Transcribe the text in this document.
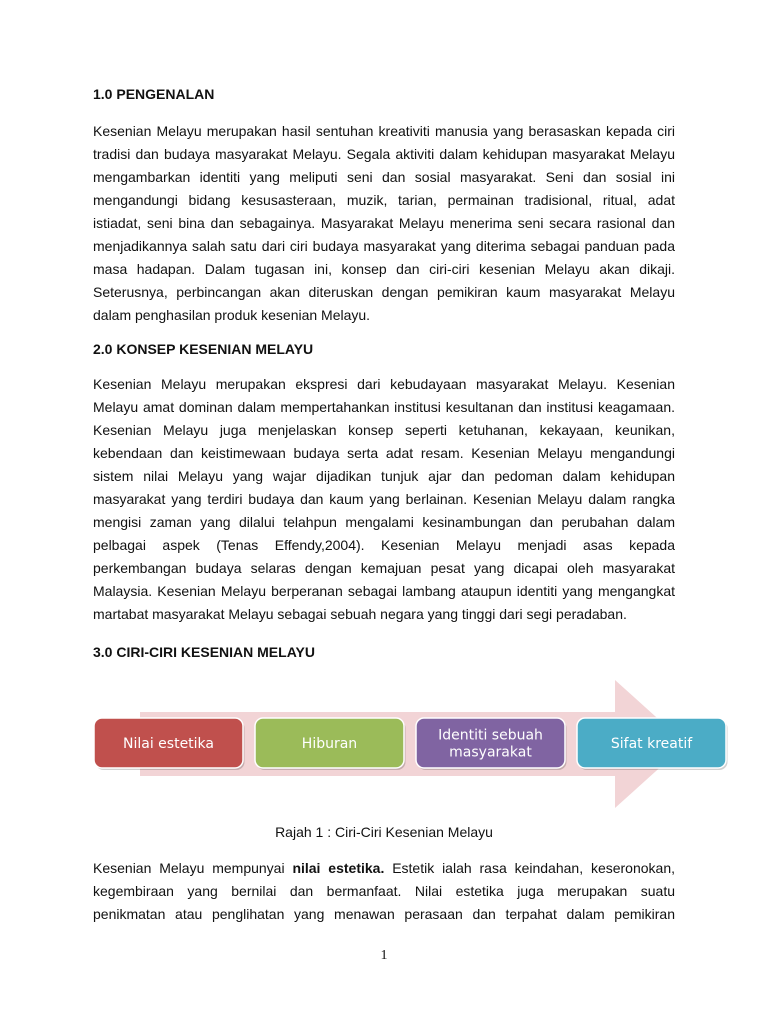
1.0 PENGENALAN

Kesenian Melayu merupakan hasil sentuhan kreativiti manusia yang berasaskan kepada ciri
tradisi dan budaya masyarakat Melayu. Segala aktiviti dalam kehidupan masyarakat Melayu
mengambarkan identiti yang meliputi seni dan sosial masyarakat. Seni dan sosial ini
mengandungi bidang kesusasteraan, muzik, tarian, permainan tradisional, ritual, adat
istiadat, seni bina dan sebagainya. Masyarakat Melayu menerima seni secara rasional dan
menjadikannya salah satu dari ciri budaya masyarakat yang diterima sebagai panduan pada
masa hadapan. Dalam tugasan ini, konsep dan ciri-ciri kesenian Melayu akan dikaji.
Seterusnya, perbincangan akan diteruskan dengan pemikiran kaum masyarakat Melayu
dalam penghasilan produk kesenian Melayu.

2.0 KONSEP KESENIAN MELAYU

Kesenian Melayu merupakan ekspresi dari kebudayaan masyarakat Melayu. Kesenian
Melayu amat dominan dalam mempertahankan institusi kesultanan dan institusi keagamaan.
Kesenian Melayu juga menjelaskan konsep seperti ketuhanan, kekayaan, keunikan,
kebendaan dan keistimewaan budaya serta adat resam. Kesenian Melayu mengandungi
sistem nilai Melayu yang wajar dijadikan tunjuk ajar dan pedoman dalam kehidupan
masyarakat yang terdiri budaya dan kaum yang berlainan. Kesenian Melayu dalam rangka
mengisi zaman yang dilalui telahpun mengalami kesinambungan dan perubahan dalam
pelbagai aspek (Tenas Effendy,2004). Kesenian Melayu menjadi asas kepada
perkembangan budaya selaras dengan kemajuan pesat yang dicapai oleh masyarakat
Malaysia. Kesenian Melayu berperanan sebagai lambang ataupun identiti yang mengangkat
martabat masyarakat Melayu sebagai sebuah negara yang tinggi dari segi peradaban.

3.0 CIRI-CIRI KESENIAN MELAYU
Nilai estetika	Hiburan
Identiti sebuah
masyarakat
Sifat kreatif
Rajah 1 : Ciri-Ciri Kesenian Melayu

Kesenian Melayu mempunyai nilai estetika. Estetik ialah rasa keindahan, keseronokan,
kegembiraan yang bernilai dan bermanfaat. Nilai estetika juga merupakan suatu
penikmatan atau penglihatan yang menawan perasaan dan terpahat dalam pemikiran

1
